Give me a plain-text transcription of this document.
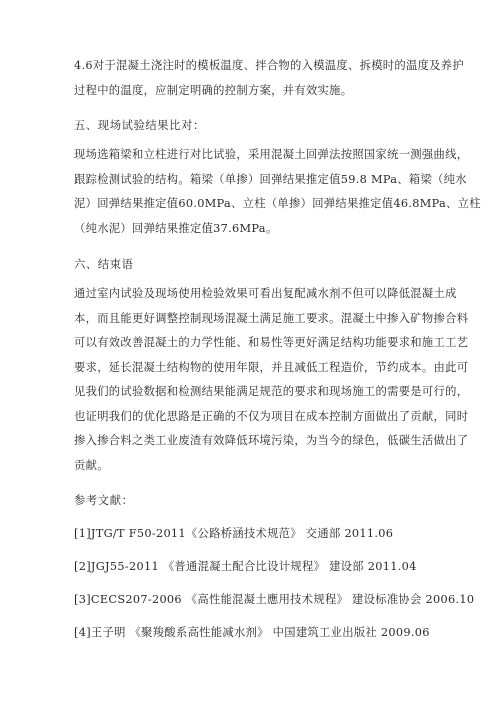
4.6对于混凝土浇注时的模板温度、拌合物的入模温度、拆模时的温度及养护
过程中的温度，应制定明确的控制方案，并有效实施。
五、现场试验结果比对：
现场选箱梁和立柱进行对比试验，采用混凝土回弹法按照国家统一测强曲线，
跟踪检测试验的结构。箱梁（单掺）回弹结果推定值59.8 MPa、箱梁（纯水
泥）回弹结果推定值60.0MPa、立柱（单掺）回弹结果推定值46.8MPa、立柱
（纯水泥）回弹结果推定值37.6MPa。
六、结束语
通过室内试验及现场使用检验效果可看出复配减水剂不但可以降低混凝土成
本，而且能更好调整控制现场混凝土满足施工要求。混凝土中掺入矿物掺合料
可以有效改善混凝土的力学性能、和易性等更好满足结构功能要求和施工工艺
要求，延长混凝土结构物的使用年限，并且减低工程造价，节约成本。由此可
见我们的试验数据和检测结果能满足规范的要求和现场施工的需要是可行的，
也证明我们的优化思路是正确的不仅为项目在成本控制方面做出了贡献，同时
掺入掺合料之类工业废渣有效降低环境污染，为当今的绿色，低碳生活做出了
贡献。
参考文献：
[1]JTG/T F50-2011《公路桥涵技术规范》 交通部 2011.06
[2]JGJ55-2011 《普通混凝土配合比设计规程》 建设部 2011.04
[3]CECS207-2006 《高性能混凝土應用技术规程》 建设标准协会 2006.10
[4]王子明 《聚羧酸系高性能减水剂》 中国建筑工业出版社 2009.06
